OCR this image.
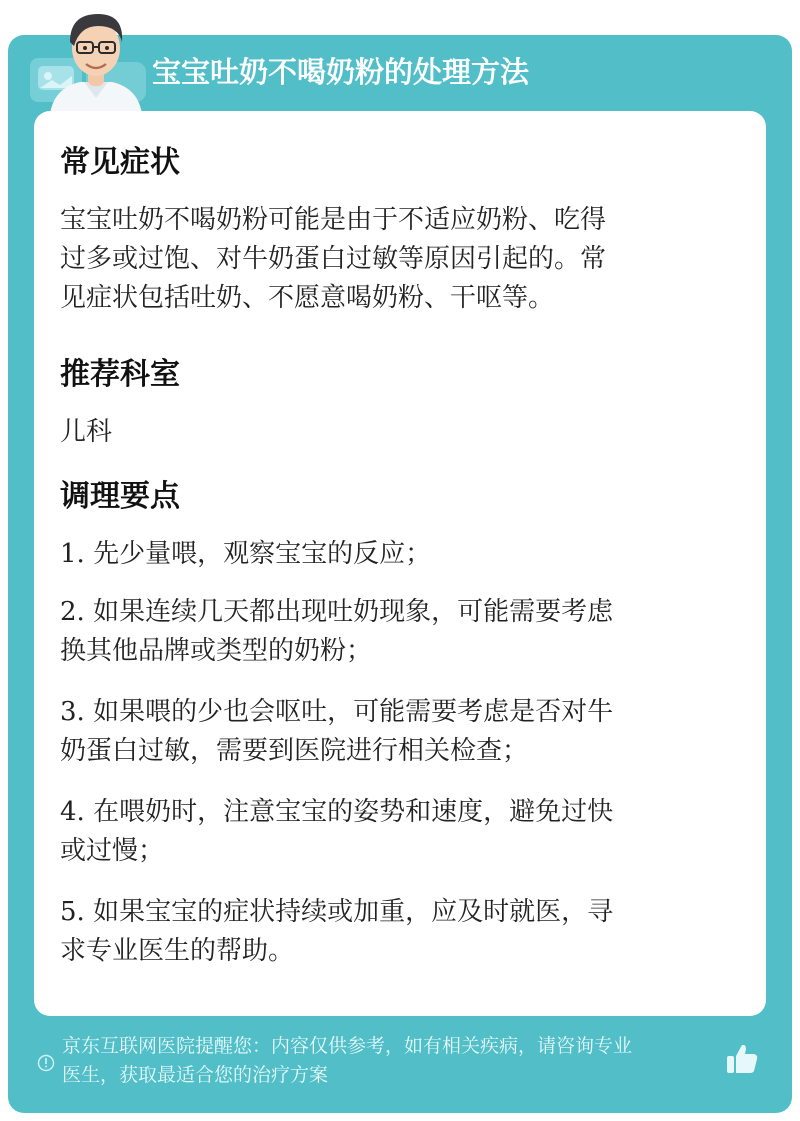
宝宝吐奶不喝奶粉的处理方法
常见症状
宝宝吐奶不喝奶粉可能是由于不适应奶粉、吃得
过多或过饱、对牛奶蛋白过敏等原因引起的。常
见症状包括吐奶、不愿意喝奶粉、干呕等。
推荐科室
儿科
调理要点
1. 先少量喂，观察宝宝的反应；
2. 如果连续几天都出现吐奶现象，可能需要考虑
换其他品牌或类型的奶粉；
3. 如果喂的少也会呕吐，可能需要考虑是否对牛
奶蛋白过敏，需要到医院进行相关检查；
4. 在喂奶时，注意宝宝的姿势和速度，避免过快
或过慢；
5. 如果宝宝的症状持续或加重，应及时就医，寻
求专业医生的帮助。
京东互联网医院提醒您：内容仅供参考，如有相关疾病，请咨询专业
医生，获取最适合您的治疗方案
